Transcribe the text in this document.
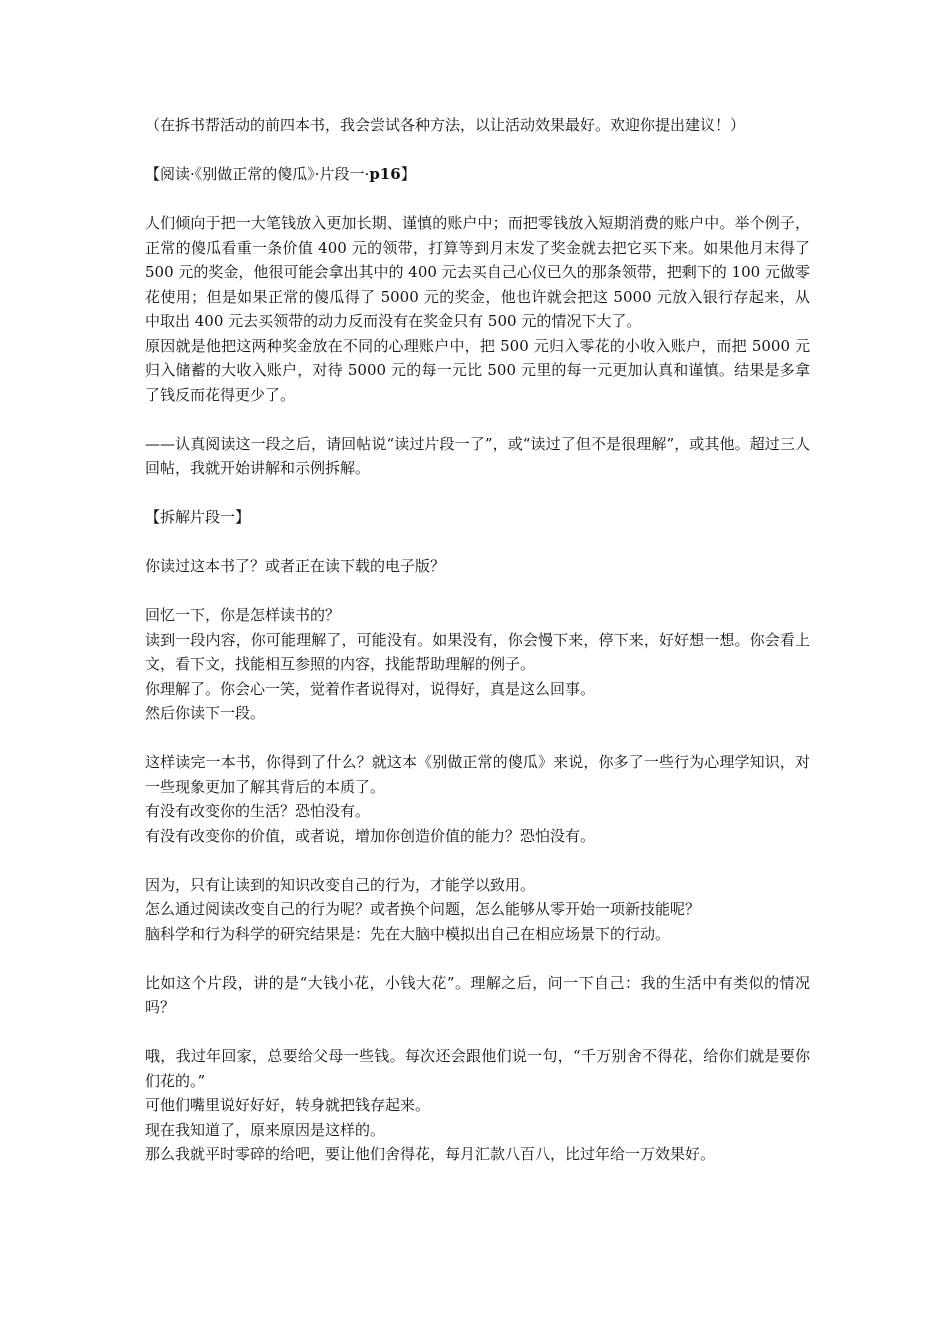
（在拆书帮活动的前四本书，我会尝试各种方法，以让活动效果最好。欢迎你提出建议！）
【阅读·《别做正常的傻瓜》·片段一·p16】
人们倾向于把一大笔钱放入更加长期、谨慎的账户中；而把零钱放入短期消费的账户中。举个例子，正常的傻瓜看重一条价值 400 元的领带，打算等到月末发了奖金就去把它买下来。如果他月末得了 500 元的奖金，他很可能会拿出其中的 400 元去买自己心仪已久的那条领带，把剩下的 100 元做零花使用；但是如果正常的傻瓜得了 5000 元的奖金，他也许就会把这 5000 元放入银行存起来，从中取出 400 元去买领带的动力反而没有在奖金只有 500 元的情况下大了。
原因就是他把这两种奖金放在不同的心理账户中，把 500 元归入零花的小收入账户，而把 5000 元归入储蓄的大收入账户，对待 5000 元的每一元比 500 元里的每一元更加认真和谨慎。结果是多拿了钱反而花得更少了。
——认真阅读这一段之后，请回帖说“读过片段一了”，或“读过了但不是很理解”，或其他。超过三人回帖，我就开始讲解和示例拆解。
【拆解片段一】
你读过这本书了？或者正在读下载的电子版？
回忆一下，你是怎样读书的？
读到一段内容，你可能理解了，可能没有。如果没有，你会慢下来，停下来，好好想一想。你会看上文，看下文，找能相互参照的内容，找能帮助理解的例子。
你理解了。你会心一笑，觉着作者说得对，说得好，真是这么回事。
然后你读下一段。
这样读完一本书，你得到了什么？就这本《别做正常的傻瓜》来说，你多了一些行为心理学知识，对一些现象更加了解其背后的本质了。
有没有改变你的生活？恐怕没有。
有没有改变你的价值，或者说，增加你创造价值的能力？恐怕没有。
因为，只有让读到的知识改变自己的行为，才能学以致用。
怎么通过阅读改变自己的行为呢？或者换个问题，怎么能够从零开始一项新技能呢？
脑科学和行为科学的研究结果是：先在大脑中模拟出自己在相应场景下的行动。
比如这个片段，讲的是“大钱小花，小钱大花”。理解之后，问一下自己：我的生活中有类似的情况吗？
哦，我过年回家，总要给父母一些钱。每次还会跟他们说一句，“千万别舍不得花，给你们就是要你们花的。”
可他们嘴里说好好好，转身就把钱存起来。
现在我知道了，原来原因是这样的。
那么我就平时零碎的给吧，要让他们舍得花，每月汇款八百八，比过年给一万效果好。
